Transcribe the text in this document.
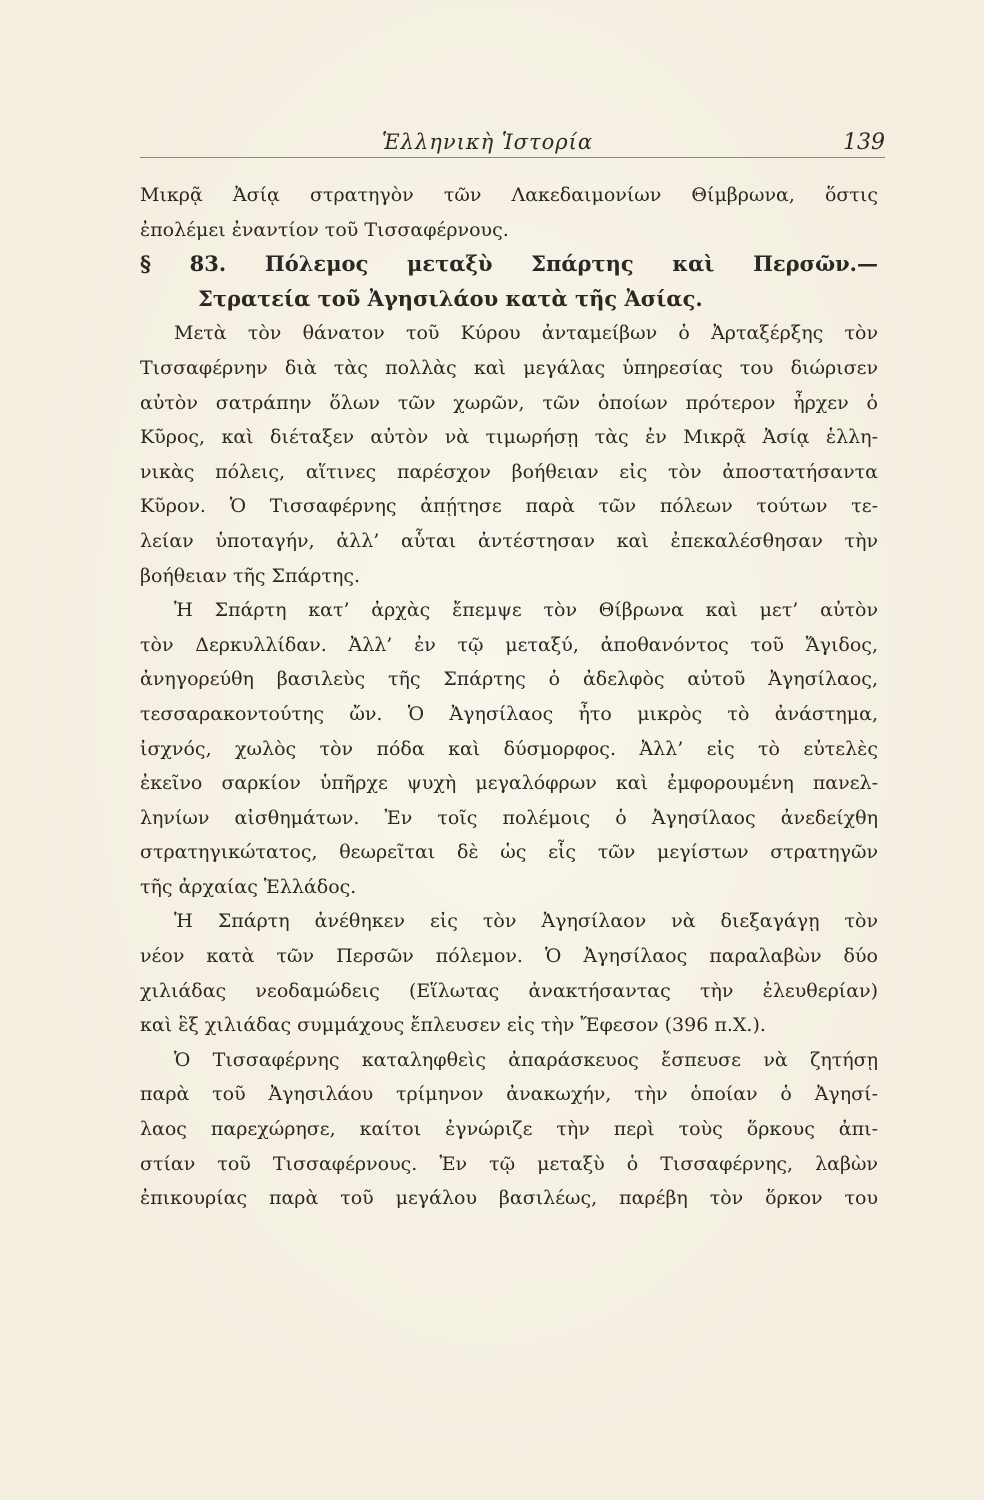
Ἑλληνικὴ Ἱστορία	139
Μικρᾷ Ἀσίᾳ στρατηγὸν τῶν Λακεδαιμονίων Θίμβρωνα, ὅστις
ἐπολέμει ἐναντίον τοῦ Τισσαφέρνους.
§ 83. Πόλεμος μεταξὺ Σπάρτης καὶ Περσῶν.—
Στρατεία τοῦ Ἀγησιλάου κατὰ τῆς Ἀσίας.
Μετὰ τὸν θάνατον τοῦ Κύρου ἀνταμείβων ὁ Ἀρταξέρξης τὸν
Τισσαφέρνην διὰ τὰς πολλὰς καὶ μεγάλας ὑπηρεσίας του διώρισεν
αὐτὸν σατράπην ὅλων τῶν χωρῶν, τῶν ὁποίων πρότερον ἦρχεν ὁ
Κῦρος, καὶ διέταξεν αὐτὸν νὰ τιμωρήσῃ τὰς ἐν Μικρᾷ Ἀσίᾳ ἑλλη-
νικὰς πόλεις, αἵτινες παρέσχον βοήθειαν εἰς τὸν ἀποστατήσαντα
Κῦρον. Ὁ Τισσαφέρνης ἀπῄτησε παρὰ τῶν πόλεων τούτων τε-
λείαν ὑποταγήν, ἀλλ’ αὗται ἀντέστησαν καὶ ἐπεκαλέσθησαν τὴν
βοήθειαν τῆς Σπάρτης.
Ἡ Σπάρτη κατ’ ἀρχὰς ἔπεμψε τὸν Θίβρωνα καὶ μετ’ αὐτὸν
τὸν Δερκυλλίδαν. Ἀλλ’ ἐν τῷ μεταξύ, ἀποθανόντος τοῦ Ἄγιδος,
ἀνηγορεύθη βασιλεὺς τῆς Σπάρτης ὁ ἀδελφὸς αὐτοῦ Ἀγησίλαος,
τεσσαρακοντούτης ὤν. Ὁ Ἀγησίλαος ἦτο μικρὸς τὸ ἀνάστημα,
ἰσχνός, χωλὸς τὸν πόδα καὶ δύσμορφος. Ἀλλ’ εἰς τὸ εὐτελὲς
ἐκεῖνο σαρκίον ὑπῆρχε ψυχὴ μεγαλόφρων καὶ ἐμφορουμένη πανελ-
ληνίων αἰσθημάτων. Ἐν τοῖς πολέμοις ὁ Ἀγησίλαος ἀνεδείχθη
στρατηγικώτατος, θεωρεῖται δὲ ὡς εἷς τῶν μεγίστων στρατηγῶν
τῆς ἀρχαίας Ἑλλάδος.
Ἡ Σπάρτη ἀνέθηκεν εἰς τὸν Ἀγησίλαον νὰ διεξαγάγῃ τὸν
νέον κατὰ τῶν Περσῶν πόλεμον. Ὁ Ἀγησίλαος παραλαβὼν δύο
χιλιάδας νεοδαμώδεις (Εἵλωτας ἀνακτήσαντας τὴν ἐλευθερίαν)
καὶ ἓξ χιλιάδας συμμάχους ἔπλευσεν εἰς τὴν Ἔφεσον (396 π.Χ.).
Ὁ Τισσαφέρνης καταληφθεὶς ἀπαράσκευος ἔσπευσε νὰ ζητήσῃ
παρὰ τοῦ Ἀγησιλάου τρίμηνον ἀνακωχήν, τὴν ὁποίαν ὁ Ἀγησί-
λαος παρεχώρησε, καίτοι ἐγνώριζε τὴν περὶ τοὺς ὅρκους ἀπι-
στίαν τοῦ Τισσαφέρνους. Ἐν τῷ μεταξὺ ὁ Τισσαφέρνης, λαβὼν
ἐπικουρίας παρὰ τοῦ μεγάλου βασιλέως, παρέβη τὸν ὅρκον του
